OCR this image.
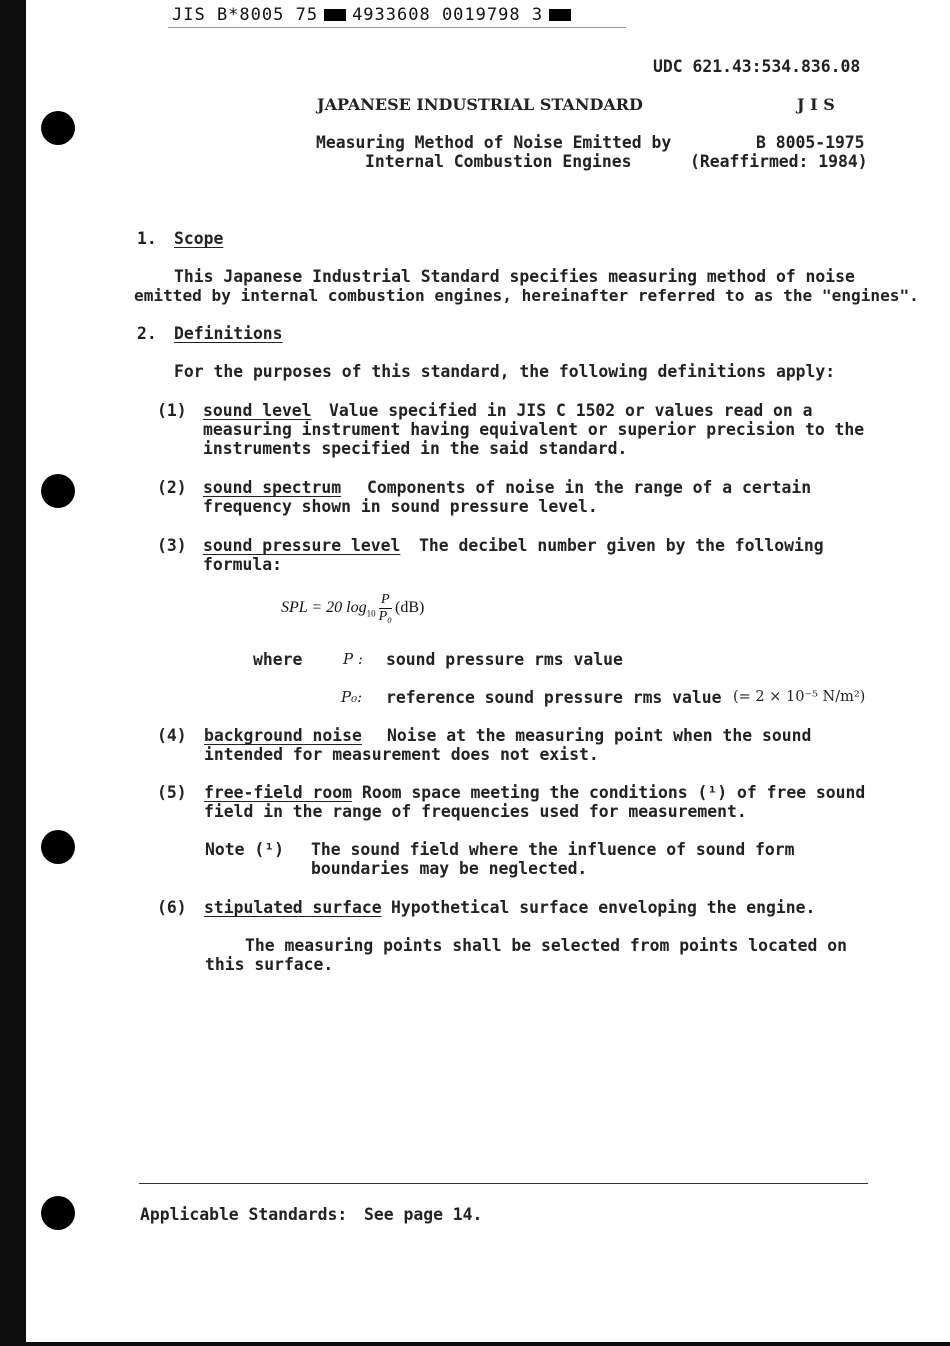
JIS B*8005 75 4933608 0019798 3
UDC 621.43:534.836.08
JAPANESE INDUSTRIAL STANDARD	J I S
Measuring Method of Noise Emitted by
Internal Combustion Engines
B 8005-1975
(Reaffirmed: 1984)
1. Scope
This Japanese Industrial Standard specifies measuring method of noise
emitted by internal combustion engines, hereinafter referred to as the "engines".
2. Definitions
For the purposes of this standard, the following definitions apply:
(1) sound level Value specified in JIS C 1502 or values read on a
measuring instrument having equivalent or superior precision to the
instruments specified in the said standard.
(2) sound spectrum Components of noise in the range of a certain
frequency shown in sound pressure level.
(3) sound pressure level The decibel number given by the following
formula:
SPL = 20 $\log_{10} \frac{P}{\text{P₀}} (dB)$
where	P : sound pressure rms value
P₀: reference sound pressure rms value (= 2 × 10⁻⁵ N/m²)
(4) background noise Noise at the measuring point when the sound
intended for measurement does not exist.
(5) free-field room Room space meeting the conditions (¹) of free sound
field in the range of frequencies used for measurement.
Note (¹) The sound field where the influence of sound form
boundaries may be neglected.
(6) stipulated surface Hypothetical surface enveloping the engine.
The measuring points shall be selected from points located on
this surface.
Applicable Standards: See page 14.
